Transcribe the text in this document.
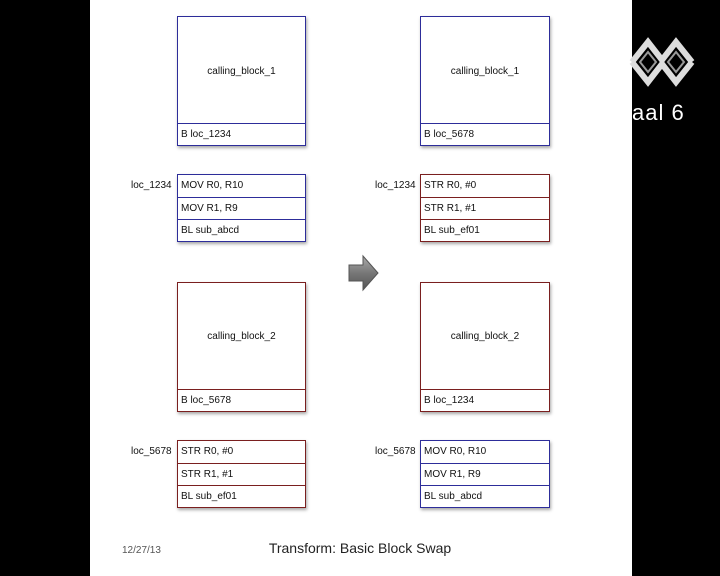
calling_block_1
B loc_1234
loc_1234 MOV R0, R10
MOV R1, R9
BL sub_abcd
calling_block_2
B loc_5678
loc_5678 STR R0, #0
STR R1, #1
BL sub_ef01
calling_block_1
B loc_5678
loc_1234 STR R0, #0
STR R1, #1
BL sub_ef01
calling_block_2
B loc_1234
loc_5678 MOV R0, R10
MOV R1, R9
BL sub_abcd
12/27/13	Transform: Basic Block Swap
aal 6
